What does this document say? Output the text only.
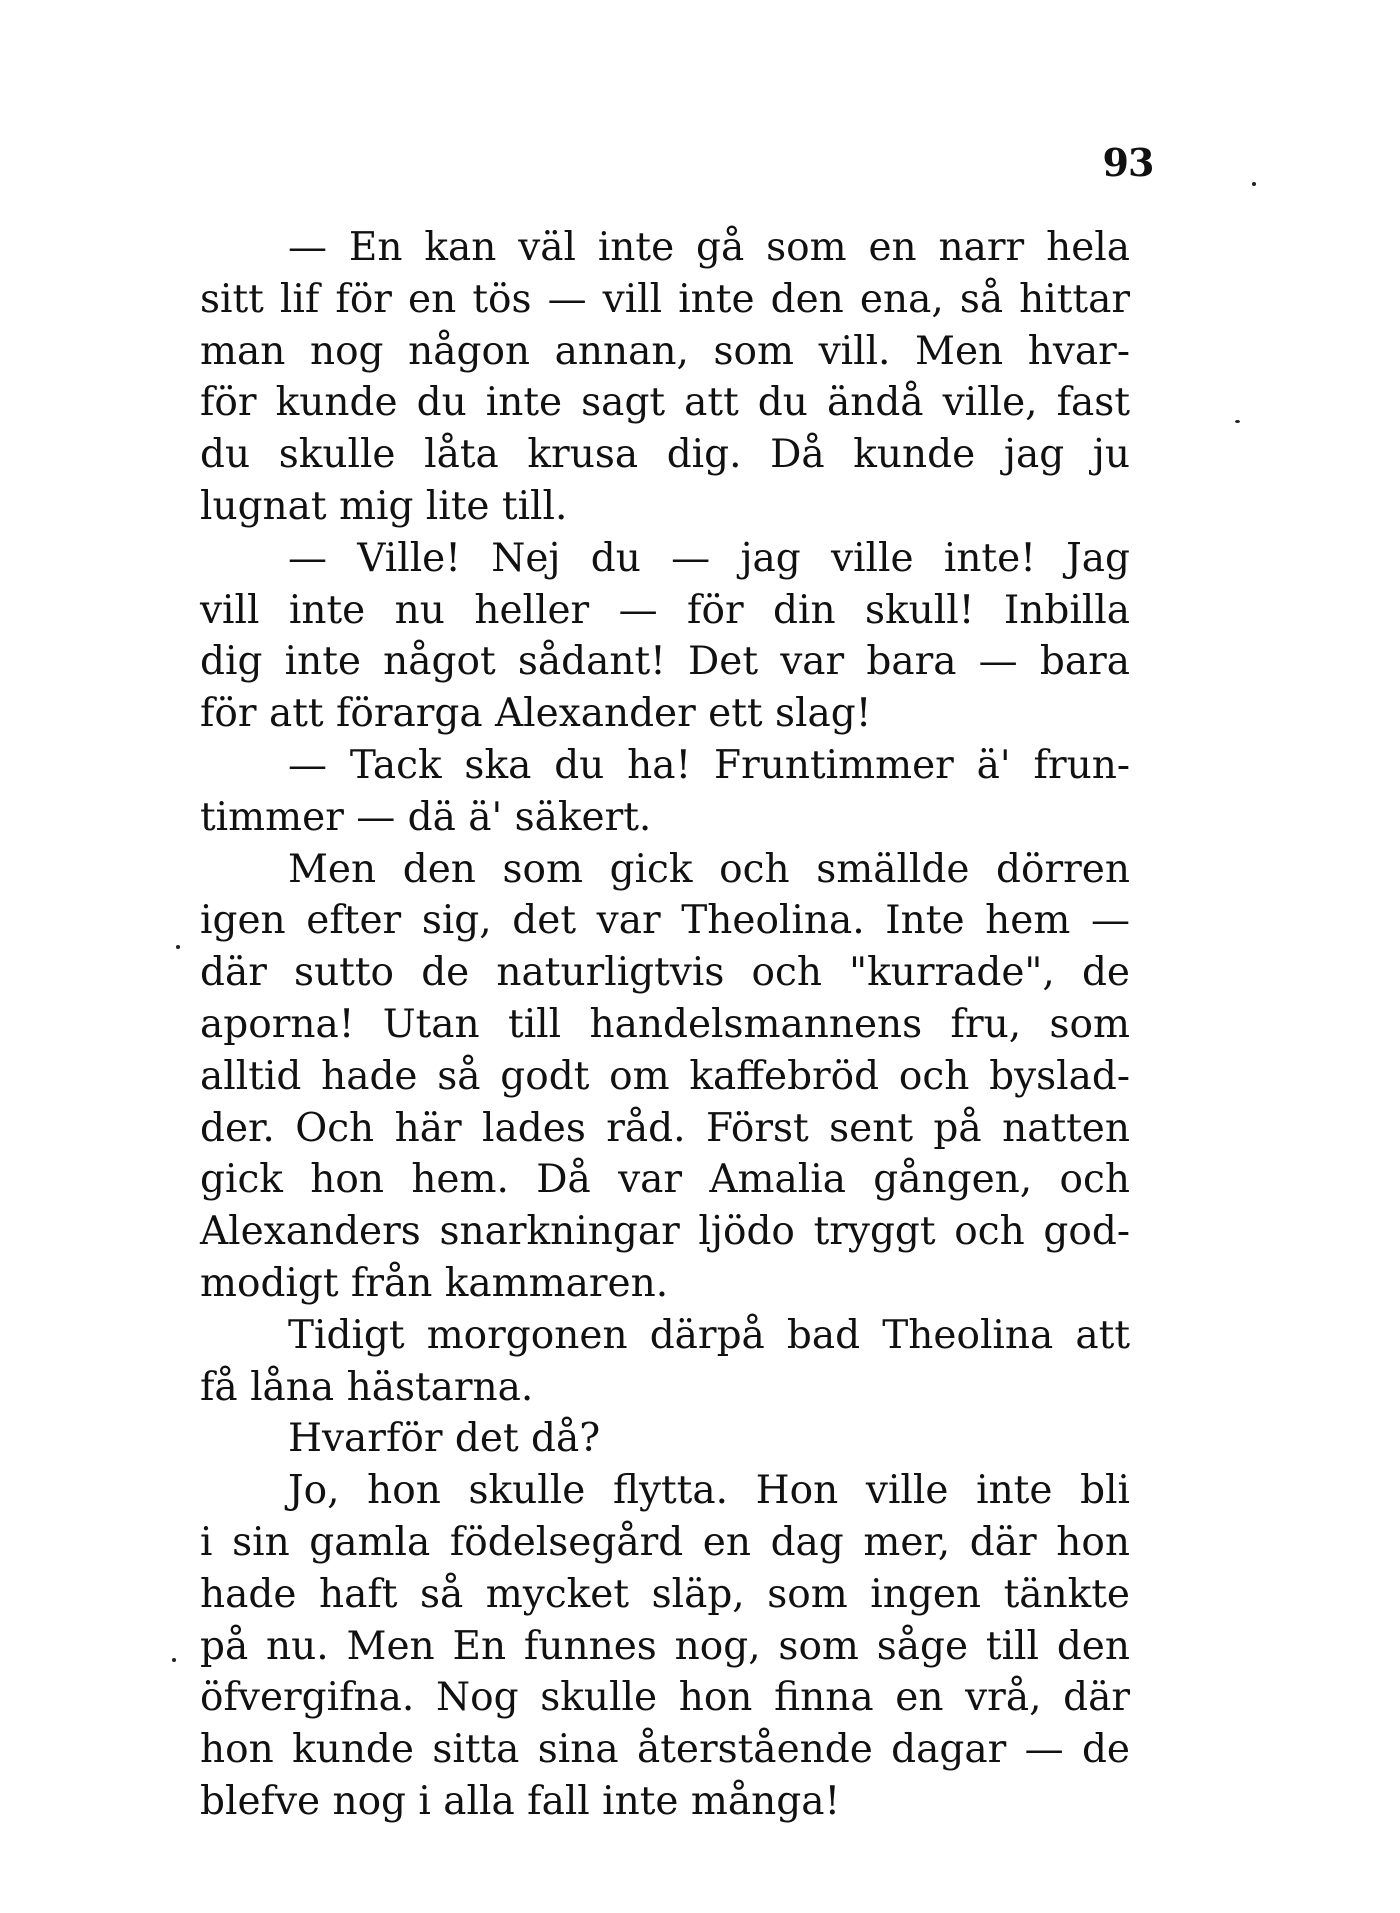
93
— En kan väl inte gå som en narr hela
sitt lif för en tös — vill inte den ena, så hittar
man nog någon annan, som vill. Men hvar-
för kunde du inte sagt att du ändå ville, fast
du skulle låta krusa dig. Då kunde jag ju
lugnat mig lite till.
— Ville! Nej du — jag ville inte! Jag
vill inte nu heller — för din skull! Inbilla
dig inte något sådant! Det var bara — bara
för att förarga Alexander ett slag!
— Tack ska du ha! Fruntimmer ä' frun-
timmer — dä ä' säkert.
Men den som gick och smällde dörren
igen efter sig, det var Theolina. Inte hem —
där sutto de naturligtvis och "kurrade", de
aporna! Utan till handelsmannens fru, som
alltid hade så godt om kaffebröd och byslad-
der. Och här lades råd. Först sent på natten
gick hon hem. Då var Amalia gången, och
Alexanders snarkningar ljödo tryggt och god-
modigt från kammaren.
Tidigt morgonen därpå bad Theolina att
få låna hästarna.
Hvarför det då?
Jo, hon skulle flytta. Hon ville inte bli
i sin gamla födelsegård en dag mer, där hon
hade haft så mycket släp, som ingen tänkte
på nu. Men En funnes nog, som såge till den
öfvergifna. Nog skulle hon finna en vrå, där
hon kunde sitta sina återstående dagar — de
blefve nog i alla fall inte många!
